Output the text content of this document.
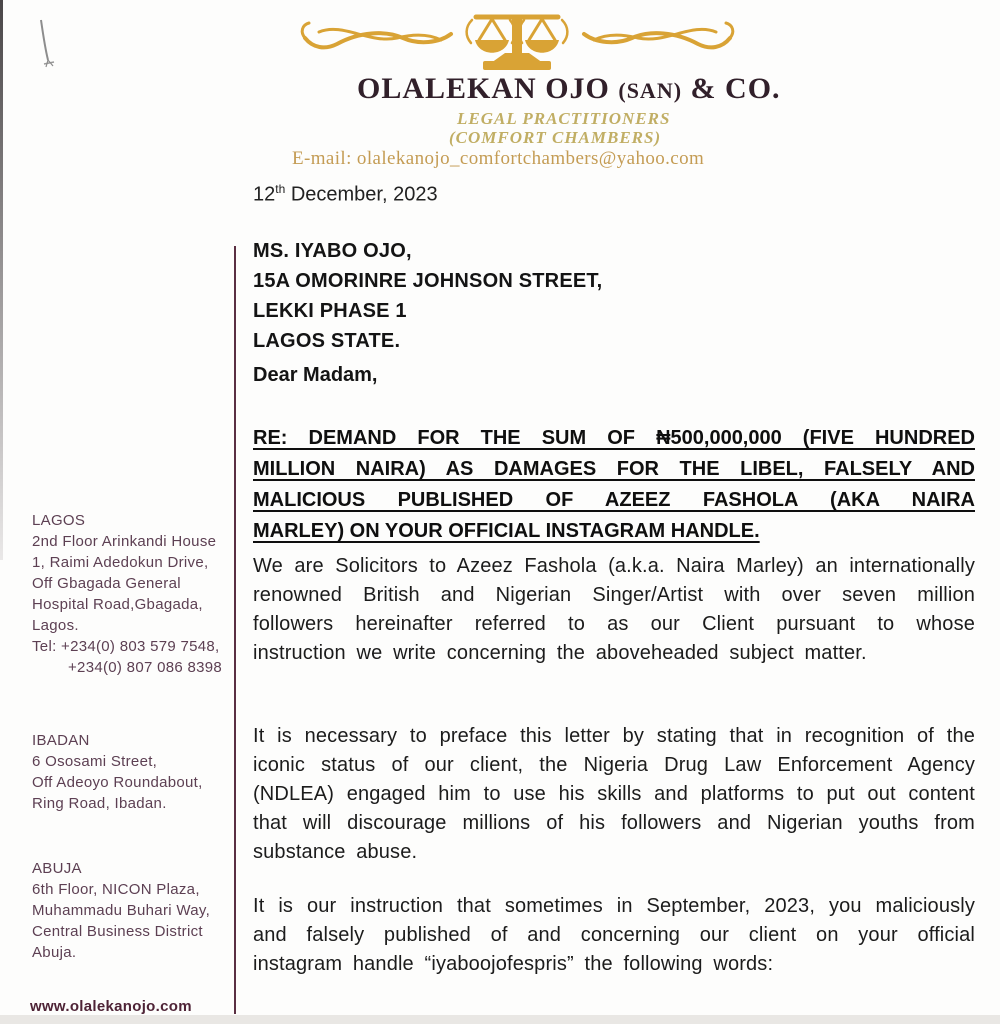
OLALEKAN OJO (SAN) & CO.
LEGAL PRACTITIONERS
(COMFORT CHAMBERS)
E-mail: olalekanojo_comfortchambers@yahoo.com
LAGOS
2nd Floor Arinkandi House
1, Raimi Adedokun Drive,
Off Gbagada General
Hospital Road,Gbagada,
Lagos.
Tel: +234(0) 803 579 7548,
+234(0) 807 086 8398
IBADAN
6 Ososami Street,
Off Adeoyo Roundabout,
Ring Road, Ibadan.
ABUJA
6th Floor, NICON Plaza,
Muhammadu Buhari Way,
Central Business District
Abuja.
www.olalekanojo.com
12th December, 2023
MS. IYABO OJO,
15A OMORINRE JOHNSON STREET,
LEKKI PHASE 1
LAGOS STATE.
Dear Madam,
RE: DEMAND FOR THE SUM OF ₦500,000,000 (FIVE HUNDRED
MILLION NAIRA) AS DAMAGES FOR THE LIBEL, FALSELY AND
MALICIOUS PUBLISHED OF AZEEZ FASHOLA (AKA NAIRA
MARLEY) ON YOUR OFFICIAL INSTAGRAM HANDLE.

We are Solicitors to Azeez Fashola (a.k.a. Naira Marley) an internationally renowned British and Nigerian Singer/Artist with over seven million followers hereinafter referred to as our Client pursuant to whose instruction we write concerning the aboveheaded subject matter.

It is necessary to preface this letter by stating that in recognition of the iconic status of our client, the Nigeria Drug Law Enforcement Agency (NDLEA) engaged him to use his skills and platforms to put out content that will discourage millions of his followers and Nigerian youths from substance abuse.

It is our instruction that sometimes in September, 2023, you maliciously and falsely published of and concerning our client on your official instagram handle “iyaboojofespris” the following words:
